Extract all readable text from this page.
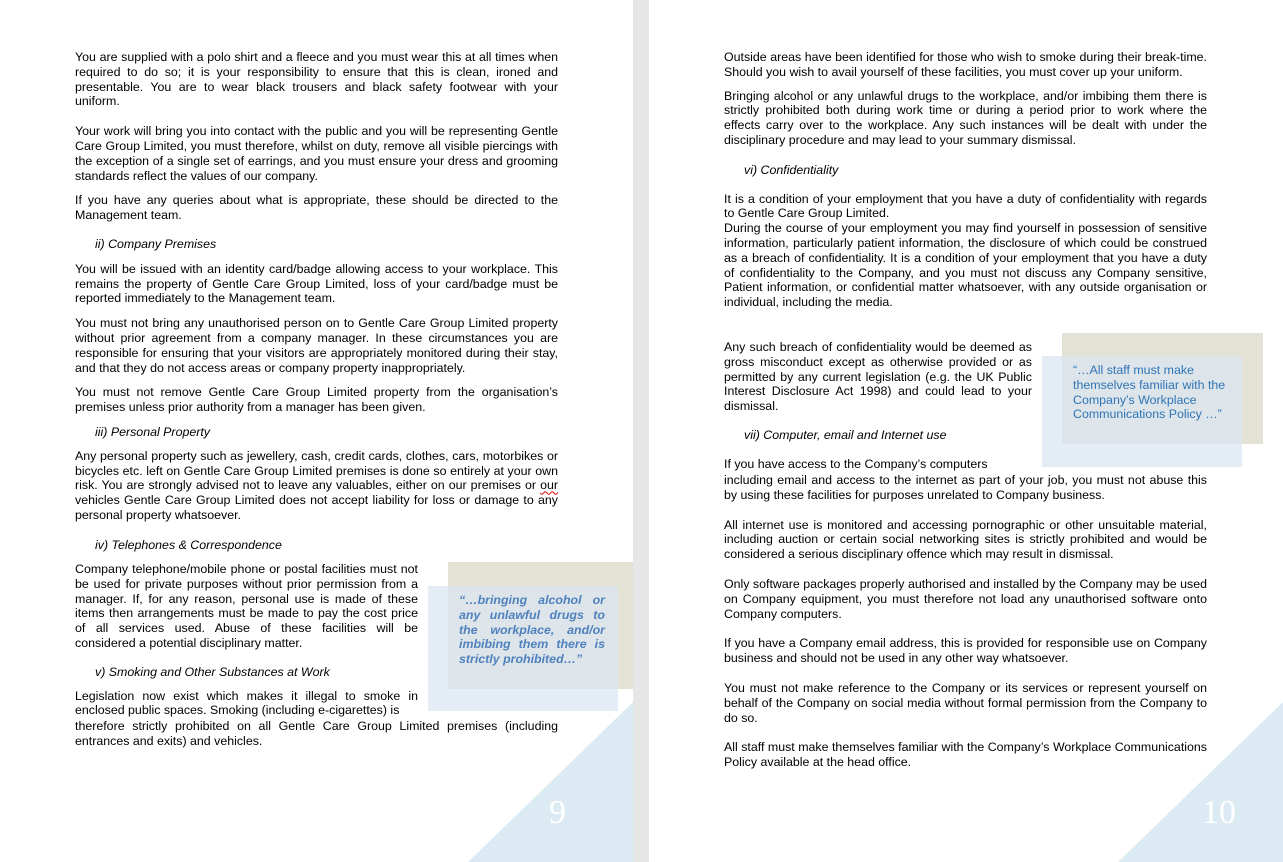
9

You are supplied with a polo shirt and a fleece and you must wear this at all times when required to do so; it is your responsibility to ensure that this is clean, ironed and presentable. You are to wear black trousers and black safety footwear with your uniform.

Your work will bring you into contact with the public and you will be representing Gentle Care Group Limited, you must therefore, whilst on duty, remove all visible piercings with the exception of a single set of earrings, and you must ensure your dress and grooming standards reflect the values of our company.

If you have any queries about what is appropriate, these should be directed to the Management team.

ii) Company Premises

You will be issued with an identity card/badge allowing access to your workplace. This remains the property of Gentle Care Group Limited, loss of your card/badge must be reported immediately to the Management team.

You must not bring any unauthorised person on to Gentle Care Group Limited property without prior agreement from a company manager. In these circumstances you are responsible for ensuring that your visitors are appropriately monitored during their stay, and that they do not access areas or company property inappropriately.

You must not remove Gentle Care Group Limited property from the organisation’s premises unless prior authority from a manager has been given.

iii) Personal Property

Any personal property such as jewellery, cash, credit cards, clothes, cars, motorbikes or bicycles etc. left on Gentle Care Group Limited premises is done so entirely at your own risk. You are strongly advised not to leave any valuables, either on our premises or our vehicles Gentle Care Group Limited does not accept liability for loss or damage to any personal property whatsoever.

iv) Telephones & Correspondence

Company telephone/mobile phone or postal facilities must not be used for private purposes without prior permission from a manager. If, for any reason, personal use is made of these items then arrangements must be made to pay the cost price of all services used. Abuse of these facilities will be considered a potential disciplinary matter.

v) Smoking and Other Substances at Work

Legislation now exist which makes it illegal to smoke in enclosed public spaces. Smoking (including e-cigarettes) is

therefore strictly prohibited on all Gentle Care Group Limited premises (including entrances and exits) and vehicles.

“…bringing alcohol or any unlawful drugs to the workplace, and/or imbibing them there is strictly prohibited…”
10

Outside areas have been identified for those who wish to smoke during their break-time. Should you wish to avail yourself of these facilities, you must cover up your uniform.

Bringing alcohol or any unlawful drugs to the workplace, and/or imbibing them there is strictly prohibited both during work time or during a period prior to work where the effects carry over to the workplace. Any such instances will be dealt with under the disciplinary procedure and may lead to your summary dismissal.

vi) Confidentiality

It is a condition of your employment that you have a duty of confidentiality with regards to Gentle Care Group Limited.

During the course of your employment you may find yourself in possession of sensitive information, particularly patient information, the disclosure of which could be construed as a breach of confidentiality. It is a condition of your employment that you have a duty of confidentiality to the Company, and you must not discuss any Company sensitive, Patient information, or confidential matter whatsoever, with any outside organisation or individual, including the media.

Any such breach of confidentiality would be deemed as gross misconduct except as otherwise provided or as permitted by any current legislation (e.g. the UK Public Interest Disclosure Act 1998) and could lead to your dismissal.

vii) Computer, email and Internet use

If you have access to the Company’s computers

including email and access to the internet as part of your job, you must not abuse this by using these facilities for purposes unrelated to Company business.

All internet use is monitored and accessing pornographic or other unsuitable material, including auction or certain social networking sites is strictly prohibited and would be considered a serious disciplinary offence which may result in dismissal.

Only software packages properly authorised and installed by the Company may be used on Company equipment, you must therefore not load any unauthorised software onto Company computers.

If you have a Company email address, this is provided for responsible use on Company business and should not be used in any other way whatsoever.

You must not make reference to the Company or its services or represent yourself on behalf of the Company on social media without formal permission from the Company to do so.

All staff must make themselves familiar with the Company’s Workplace Communications Policy available at the head office.

“…All staff must make themselves familiar with the Company’s Workplace Communications Policy …”
